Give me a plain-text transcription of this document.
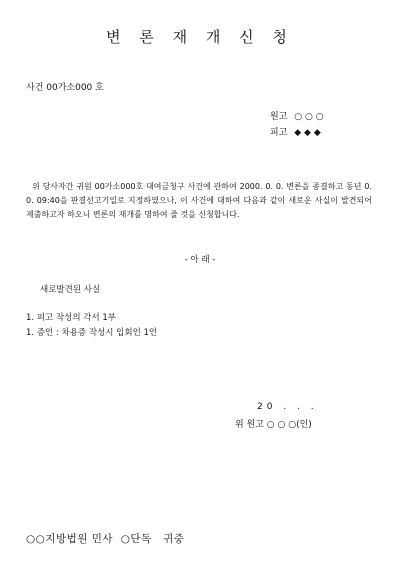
변 론 재 개 신 청
사건 00가소000 호
원고 ○ ○ ○
피고 ◆ ◆ ◆
위 당사자간 귀원 00가소000호 대여금청구 사건에 관하여 2000. 0. 0. 변론을 종결하고 동년 0. 0. 09:40을 판결선고기일로 지정하였으나, 이 사건에 대하여 다음과 같이 새로운 사실이 발견되어 제출하고자 하오니 변론의 재개를 명하여 줄 것을 신청합니다.
- 아 래 -
새로발견된 사실
1. 피고 작성의 각서 1부
1. 증인 : 차용증 작성시 입회인 1인
20 . . .
위 원고 ○ ○ ○(인)
○○지방법원 민사  ○단독   귀중
